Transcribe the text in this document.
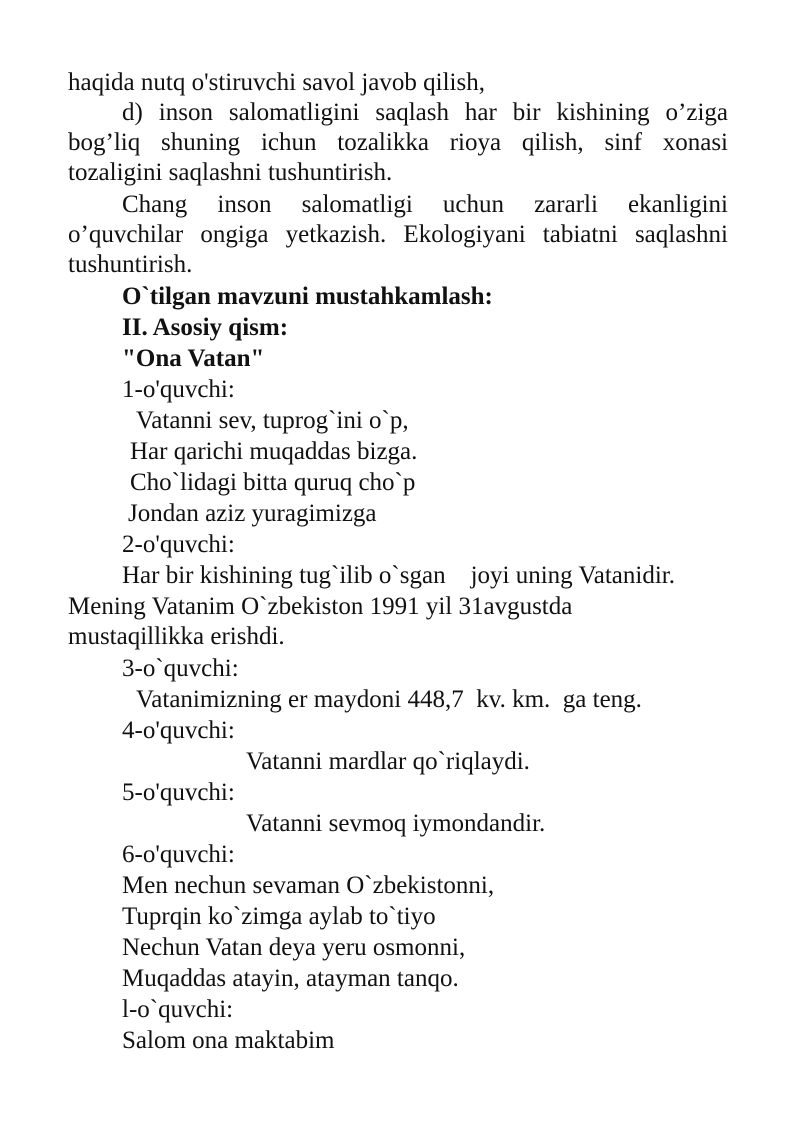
haqida nutq o'stiruvchi savol javob qilish,
d) inson salomatligini saqlash har bir kishining o’ziga
bog’liq shuning ichun tozalikka rioya qilish, sinf xonasi
tozaligini saqlashni tushuntirish.
Chang inson salomatligi uchun zararli ekanligini
o’quvchilar ongiga yetkazish. Ekologiyani tabiatni saqlashni
tushuntirish.
O`tilgan mavzuni mustahkamlash:
II. Asosiy qism:
"Ona Vatan"
1-o'quvchi:
Vatanni sev, tuprog`ini o`p,
Har qarichi muqaddas bizga.
Cho`lidagi bitta quruq cho`p
Jondan aziz yuragimizga
2-o'quvchi:
Har bir kishining tug`ilib o`sgan    joyi uning Vatanidir.
Mening Vatanim O`zbekiston 1991 yil 31avgustda
mustaqillikka erishdi.
3-o`quvchi:
Vatanimizning er maydoni 448,7  kv. km.  ga teng.
4-o'quvchi:
Vatanni mardlar qo`riqlaydi.
5-o'quvchi:
Vatanni sevmoq iymondandir.
6-o'quvchi:
Men nechun sevaman O`zbekistonni,
Tuprqin ko`zimga aylab to`tiyo
Nechun Vatan deya yeru osmonni,
Muqaddas atayin, atayman tanqo.
l-o`quvchi:
Salom ona maktabim
